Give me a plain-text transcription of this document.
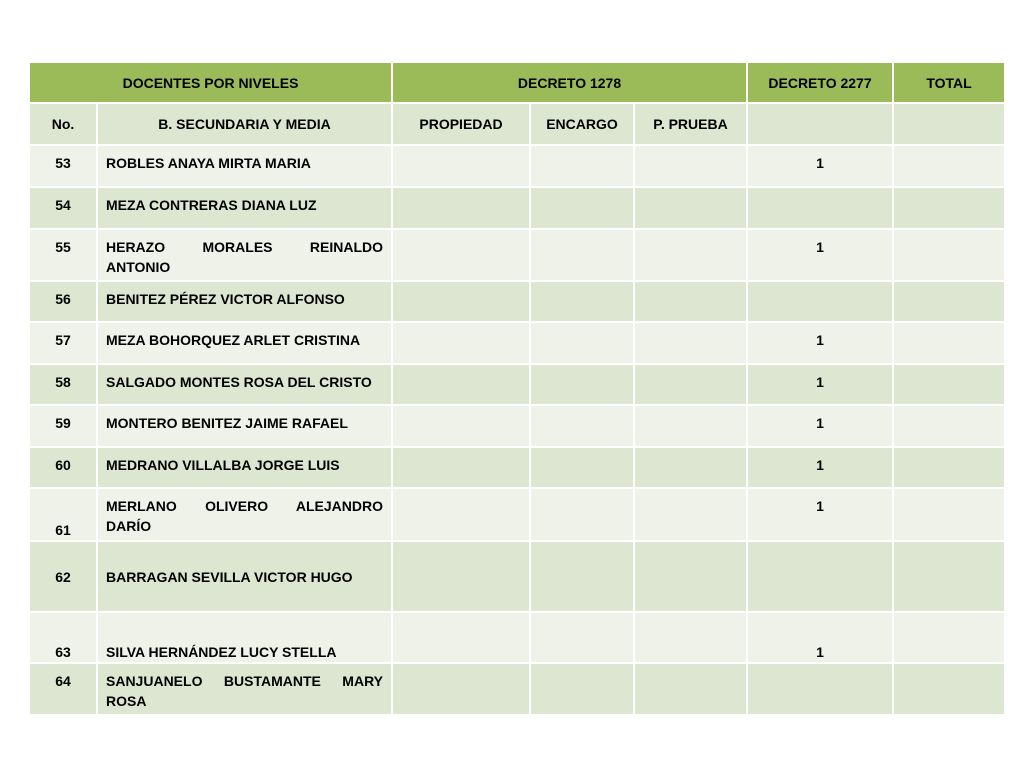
DOCENTES POR NIVELES		DECRETO 1278			DECRETO 2277	TOTAL
No.	B. SECUNDARIA Y MEDIA	PROPIEDAD	ENCARGO	P. PRUEBA		
53	ROBLES ANAYA MIRTA MARIA				1	
54	MEZA CONTRERAS DIANA LUZ					
55	HERAZO MORALES REINALDO ANTONIO				1	
56	BENITEZ PÉREZ VICTOR ALFONSO					
57	MEZA BOHORQUEZ ARLET CRISTINA				1	
58	SALGADO MONTES ROSA DEL CRISTO				1	
59	MONTERO BENITEZ JAIME RAFAEL				1	
60	MEDRANO VILLALBA JORGE LUIS				1	
61	MERLANO OLIVERO ALEJANDRO DARÍO				1	
62	BARRAGAN SEVILLA VICTOR HUGO					
63	SILVA HERNÁNDEZ LUCY STELLA				1	
64	SANJUANELO BUSTAMANTE MARY ROSA					
